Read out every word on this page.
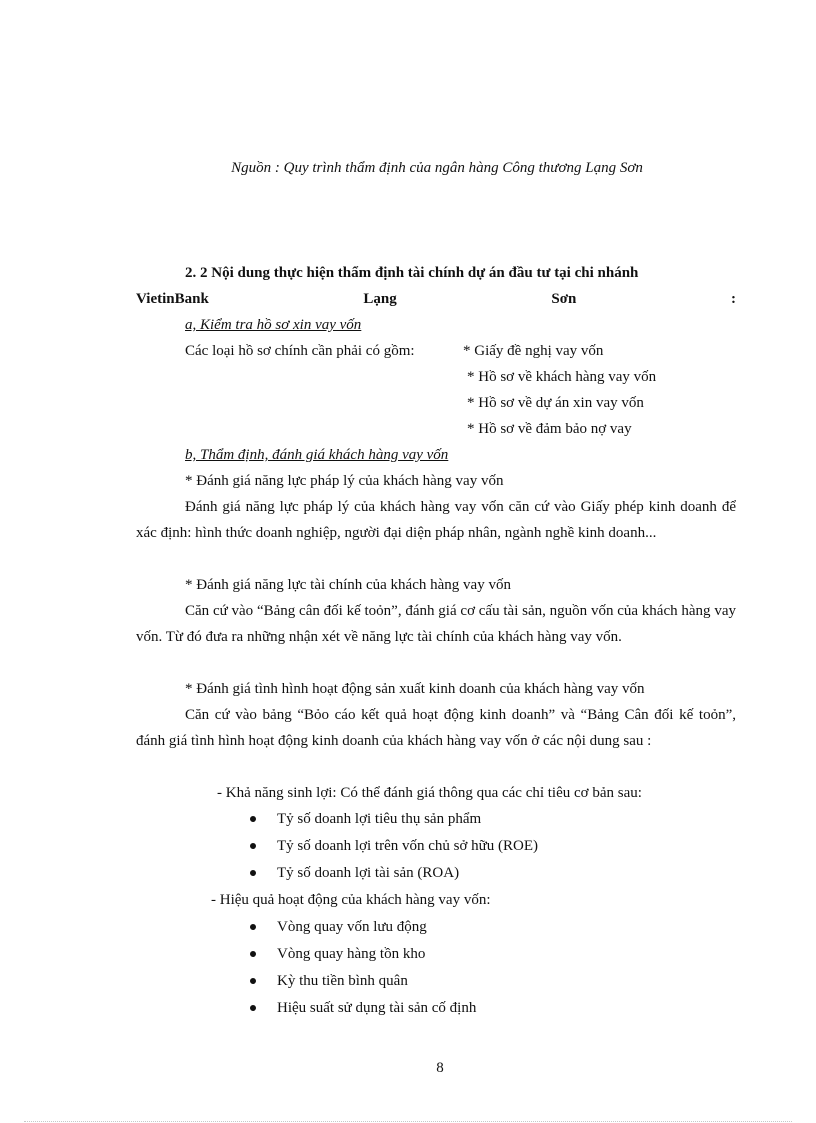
Nguồn : Quy trình thẩm định của ngân hàng Công thương Lạng Sơn
2. 2 Nội dung thực hiện thẩm định tài chính dự án đầu tư tại chi nhánh
VietinBank	Lạng	Sơn	:
a, Kiểm tra hồ sơ xin vay vốn
Các loại hồ sơ chính cần phải có gồm:	* Giấy đề nghị vay vốn
* Hồ sơ về khách hàng vay vốn
* Hồ sơ về dự án xin vay vốn
* Hồ sơ về đảm bảo nợ vay
b, Thẩm định, đánh giá khách hàng vay vốn
* Đánh giá năng lực pháp lý của khách hàng vay vốn
Đánh giá năng lực pháp lý của khách hàng vay vốn căn cứ vào Giấy phép kinh doanh để xác định: hình thức doanh nghiệp, người đại diện pháp nhân, ngành nghề kinh doanh...
* Đánh giá năng lực tài chính của khách hàng vay vốn
Căn cứ vào “Bảng cân đối kế toỏn”, đánh giá cơ cấu tài sản, nguồn vốn của khách hàng vay vốn. Từ đó đưa ra những nhận xét về năng lực tài chính của khách hàng vay vốn.
* Đánh giá tình hình hoạt động sản xuất kinh doanh của khách hàng vay vốn
Căn cứ vào bảng “Bỏo cáo kết quả hoạt động kinh doanh” và “Bảng Cân đối kế toỏn”, đánh giá tình hình hoạt động kinh doanh của khách hàng vay vốn ở các nội dung sau :
- Khả năng sinh lợi: Có thể đánh giá thông qua các chỉ tiêu cơ bản sau:
Tỷ số doanh lợi tiêu thụ sản phẩm
Tỷ số doanh lợi trên vốn chủ sở hữu (ROE)
Tỷ số doanh lợi tài sản (ROA)
- Hiệu quả hoạt động của khách hàng vay vốn:
Vòng quay vốn lưu động
Vòng quay hàng tồn kho
Kỳ thu tiền bình quân
Hiệu suất sử dụng tài sản cố định
8
